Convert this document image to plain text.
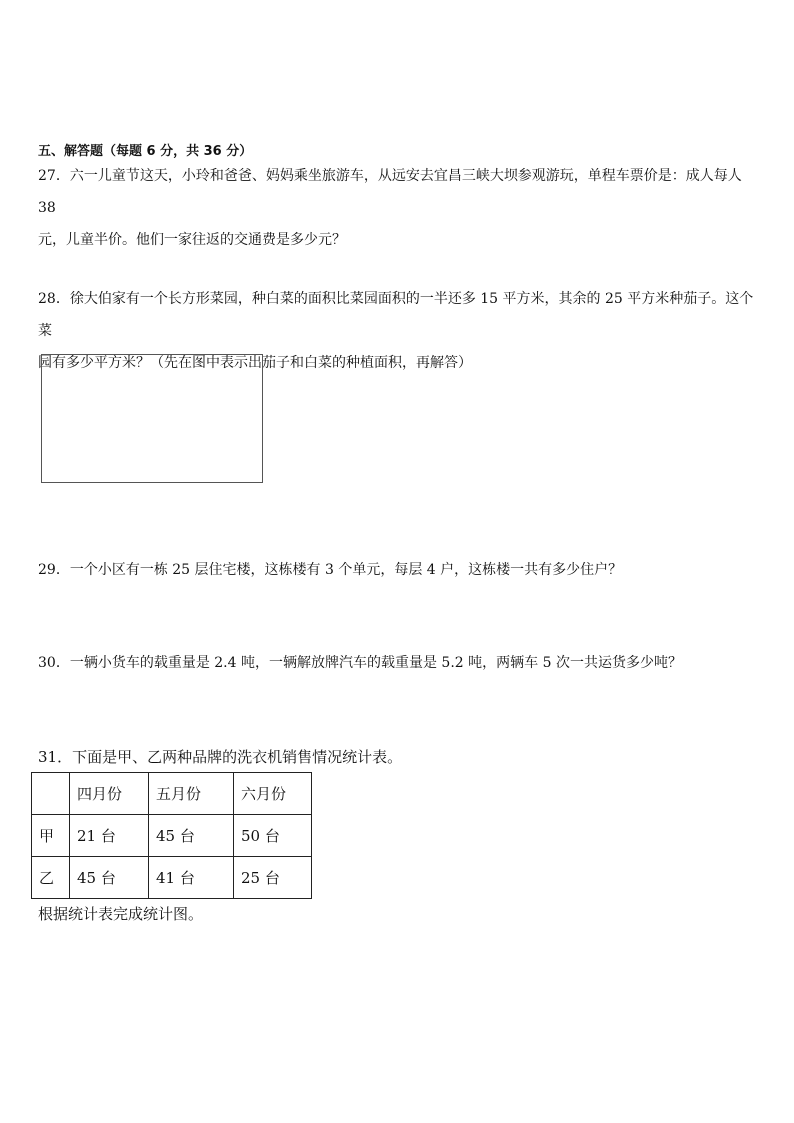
五、解答题（每题 6 分，共 36 分）
27．六一儿童节这天，小玲和爸爸、妈妈乘坐旅游车，从远安去宜昌三峡大坝参观游玩，单程车票价是：成人每人 38
元，儿童半价。他们一家往返的交通费是多少元？
28．徐大伯家有一个长方形菜园，种白菜的面积比菜园面积的一半还多 15 平方米，其余的 25 平方米种茄子。这个菜
园有多少平方米？（先在图中表示出茄子和白菜的种植面积，再解答）
29．一个小区有一栋 25 层住宅楼，这栋楼有 3 个单元，每层 4 户，这栋楼一共有多少住户？
30．一辆小货车的载重量是 2.4 吨，一辆解放牌汽车的载重量是 5.2 吨，两辆车 5 次一共运货多少吨？
31．下面是甲、乙两种品牌的洗衣机销售情况统计表。
	四月份	五月份	六月份
甲	21 台	45 台	50 台
乙	45 台	41 台	25 台
根据统计表完成统计图。
